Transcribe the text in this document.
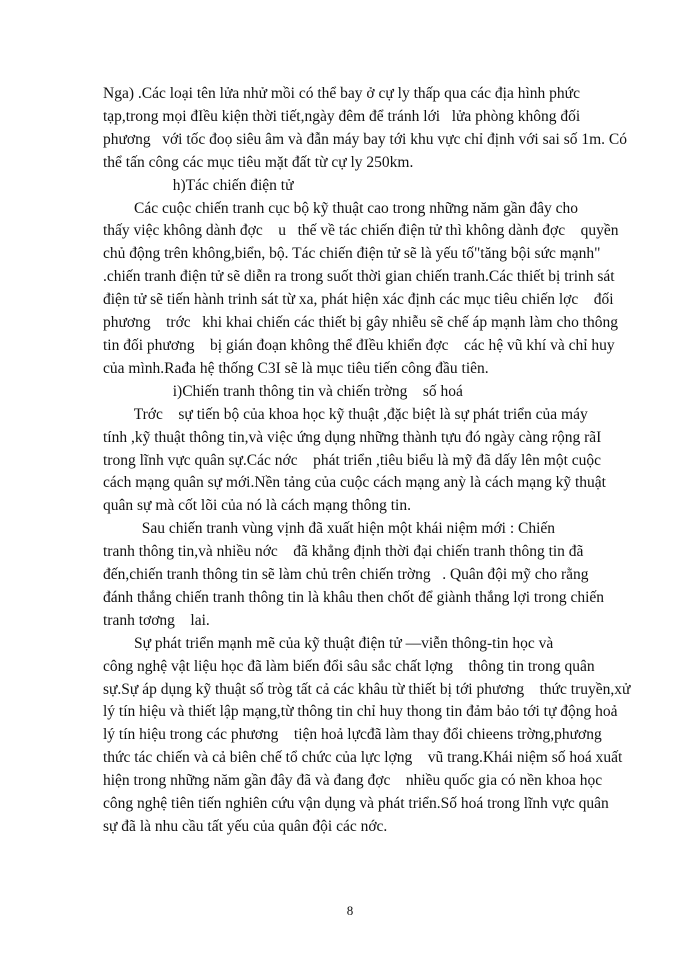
Nga) .Các loại tên lửa nhử mồi có thể bay ở cự ly thấp qua các địa hình phức
tạp,trong mọi đIều kiện thời tiết,ngày đêm để tránh lới   lửa phòng không đối
phương   với tốc đoọ siêu âm và đẫn máy bay tới khu vực chỉ định với sai số 1m. Có
thể tấn công các mục tiêu mặt đất từ cự ly 250km.
h)Tác chiến điện tử
Các cuộc chiến tranh cục bộ kỹ thuật cao trong những năm gần đây cho
thấy việc không dành đợc    u   thế về tác chiến điện tử thì không dành đợc    quyền
chủ động trên không,biển, bộ. Tác chiến điện tử sẽ là yếu tố"tăng bội sức mạnh"
.chiến tranh điện tử sẽ diễn ra trong suốt thời gian chiến tranh.Các thiết bị trinh sát
điện tử sẽ tiến hành trinh sát từ xa, phát hiện xác định các mục tiêu chiến lợc    đối
phương    trớc   khi khai chiến các thiết bị gây nhiễu sẽ chế áp mạnh làm cho thông
tin đối phương    bị gián đoạn không thể đIều khiển đợc    các hệ vũ khí và chỉ huy
của mình.Rađa hệ thống C3I sẽ là mục tiêu tiến công đầu tiên.
i)Chiến tranh thông tin và chiến trờng    số hoá
Trớc    sự tiến bộ của khoa học kỹ thuật ,đặc biệt là sự phát triển của máy
tính ,kỹ thuật thông tin,và việc ứng dụng những thành tựu đó ngày càng rộng rãI
trong lĩnh vực quân sự.Các nớc    phát triển ,tiêu biểu là mỹ đã dấy lên một cuộc
cách mạng quân sự mới.Nền tảng của cuộc cách mạng anỳ là cách mạng kỹ thuật
quân sự mà cốt lõi của nó là cách mạng thông tin.
Sau chiến tranh vùng vịnh đã xuất hiện một khái niệm mới : Chiến
tranh thông tin,và nhiều nớc    đã khẳng định thời đại chiến tranh thông tin đã
đến,chiến tranh thông tin sẽ làm chủ trên chiến trờng   . Quân đội mỹ cho rằng
đánh thắng chiến tranh thông tin là khâu then chốt để giành thắng lợi trong chiến
tranh tơơng    lai.
Sự phát triển mạnh mẽ của kỹ thuật điện tử —viễn thông-tin học và
công nghệ vật liệu học đã làm biến đổi sâu sắc chất lợng    thông tin trong quân
sự.Sự áp dụng kỹ thuật số tròg tất cả các khâu từ thiết bị tới phương    thức truyền,xử
lý tín hiệu và thiết lập mạng,từ thông tin chỉ huy thong tin đảm bảo tới tự động hoả
lý tín hiệu trong các phương    tiện hoả lựcđã làm thay đổi chieens trờng,phương
thức tác chiến và cả biên chế tổ chức của lực lợng    vũ trang.Khái niệm số hoá xuất
hiện trong những năm gần đây đã và đang đợc    nhiều quốc gia có nền khoa học
công nghệ tiên tiến nghiên cứu vận dụng và phát triển.Số hoá trong lĩnh vực quân
sự đã là nhu cầu tất yếu của quân đội các nớc.
8
